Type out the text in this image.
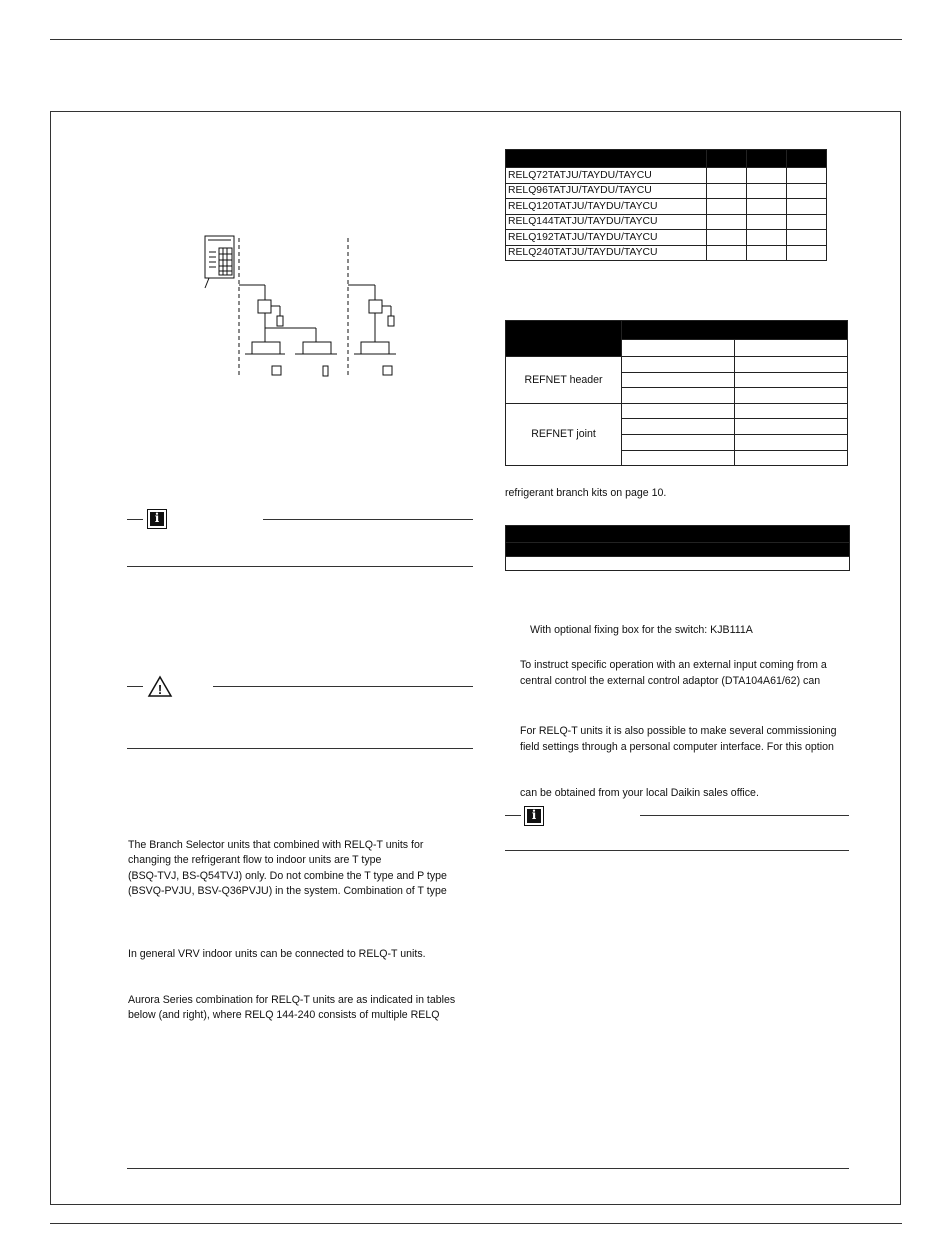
i
!
The Branch Selector units that combined with RELQ-T units for
changing the refrigerant flow to indoor units are T type
(BSQ-TVJ, BS-Q54TVJ) only. Do not combine the T type and P type
(BSVQ-PVJU, BSV-Q36PVJU) in the system. Combination of T type
In general VRV indoor units can be connected to RELQ-T units.
Aurora Series combination for RELQ-T units are as indicated in tables
below (and right), where RELQ 144-240 consists of multiple RELQ

RELQ72TATJU/TAYDU/TAYCU			
RELQ96TATJU/TAYDU/TAYCU			
RELQ120TATJU/TAYDU/TAYCU			
RELQ144TATJU/TAYDU/TAYCU			
RELQ192TATJU/TAYDU/TAYCU			
RELQ240TATJU/TAYDU/TAYCU			

REFNET header		

REFNET joint		

refrigerant branch kits on page 10.

With optional fixing box for the switch: KJB111A
To instruct specific operation with an external input coming from a
central control the external control adaptor (DTA104A61/62) can
For RELQ-T units it is also possible to make several commissioning
field settings through a personal computer interface. For this option
can be obtained from your local Daikin sales office.
i
